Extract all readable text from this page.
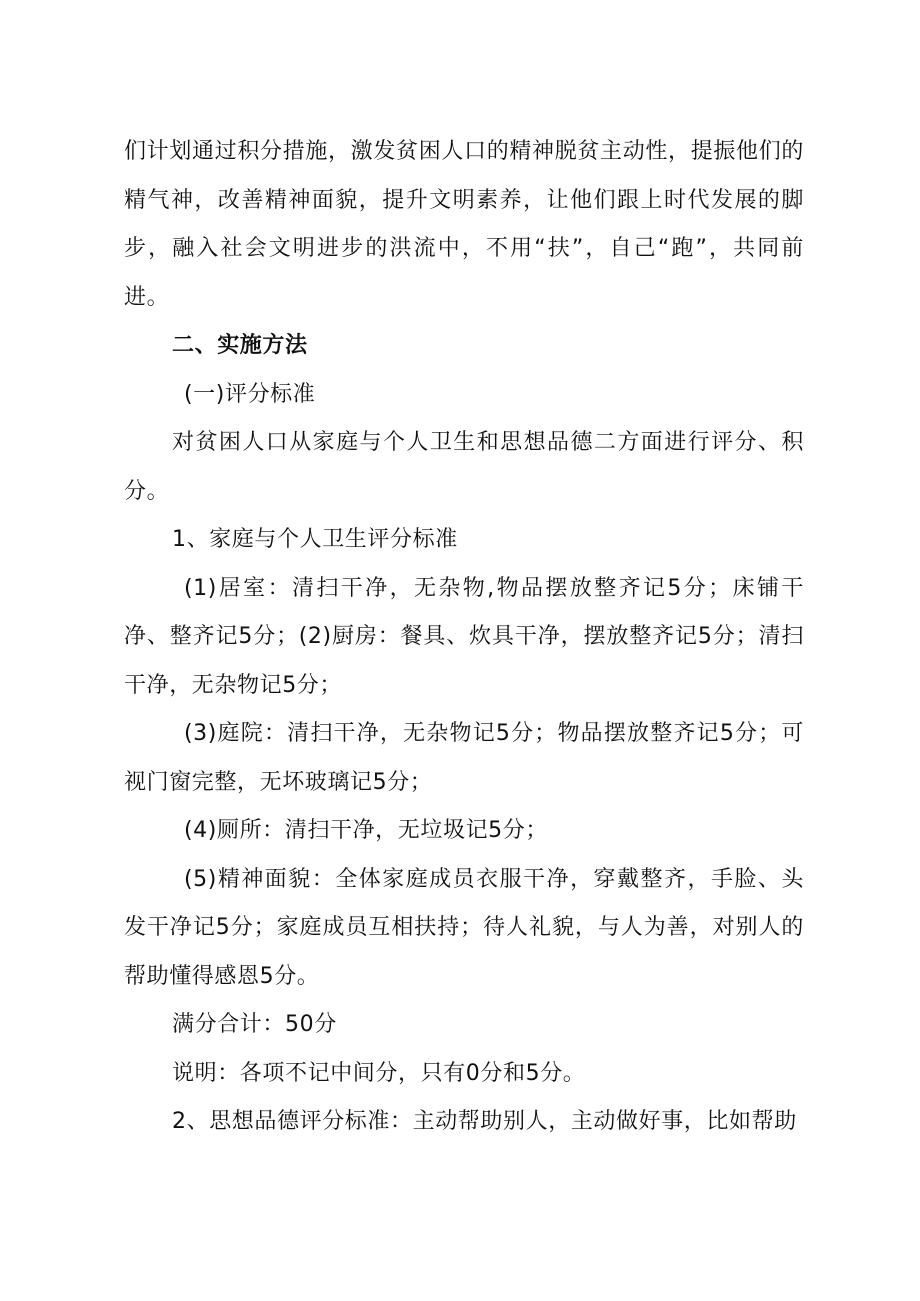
们计划通过积分措施，激发贫困人口的精神脱贫主动性，提振他们的精气神，改善精神面貌，提升文明素养，让他们跟上时代发展的脚步，融入社会文明进步的洪流中，不用“扶”，自己“跑”，共同前进。

二、实施方法

(一)评分标准

对贫困人口从家庭与个人卫生和思想品德二方面进行评分、积分。

1、家庭与个人卫生评分标准

(1)居室：清扫干净，无杂物,物品摆放整齐记5分；床铺干净、整齐记5分；(2)厨房：餐具、炊具干净，摆放整齐记5分；清扫干净，无杂物记5分；

(3)庭院：清扫干净，无杂物记5分；物品摆放整齐记5分；可视门窗完整，无坏玻璃记5分；

(4)厕所：清扫干净，无垃圾记5分；

(5)精神面貌：全体家庭成员衣服干净，穿戴整齐，手脸、头发干净记5分；家庭成员互相扶持；待人礼貌，与人为善，对别人的帮助懂得感恩5分。

满分合计：50分

说明：各项不记中间分，只有0分和5分。

2、思想品德评分标准：主动帮助别人，主动做好事，比如帮助
